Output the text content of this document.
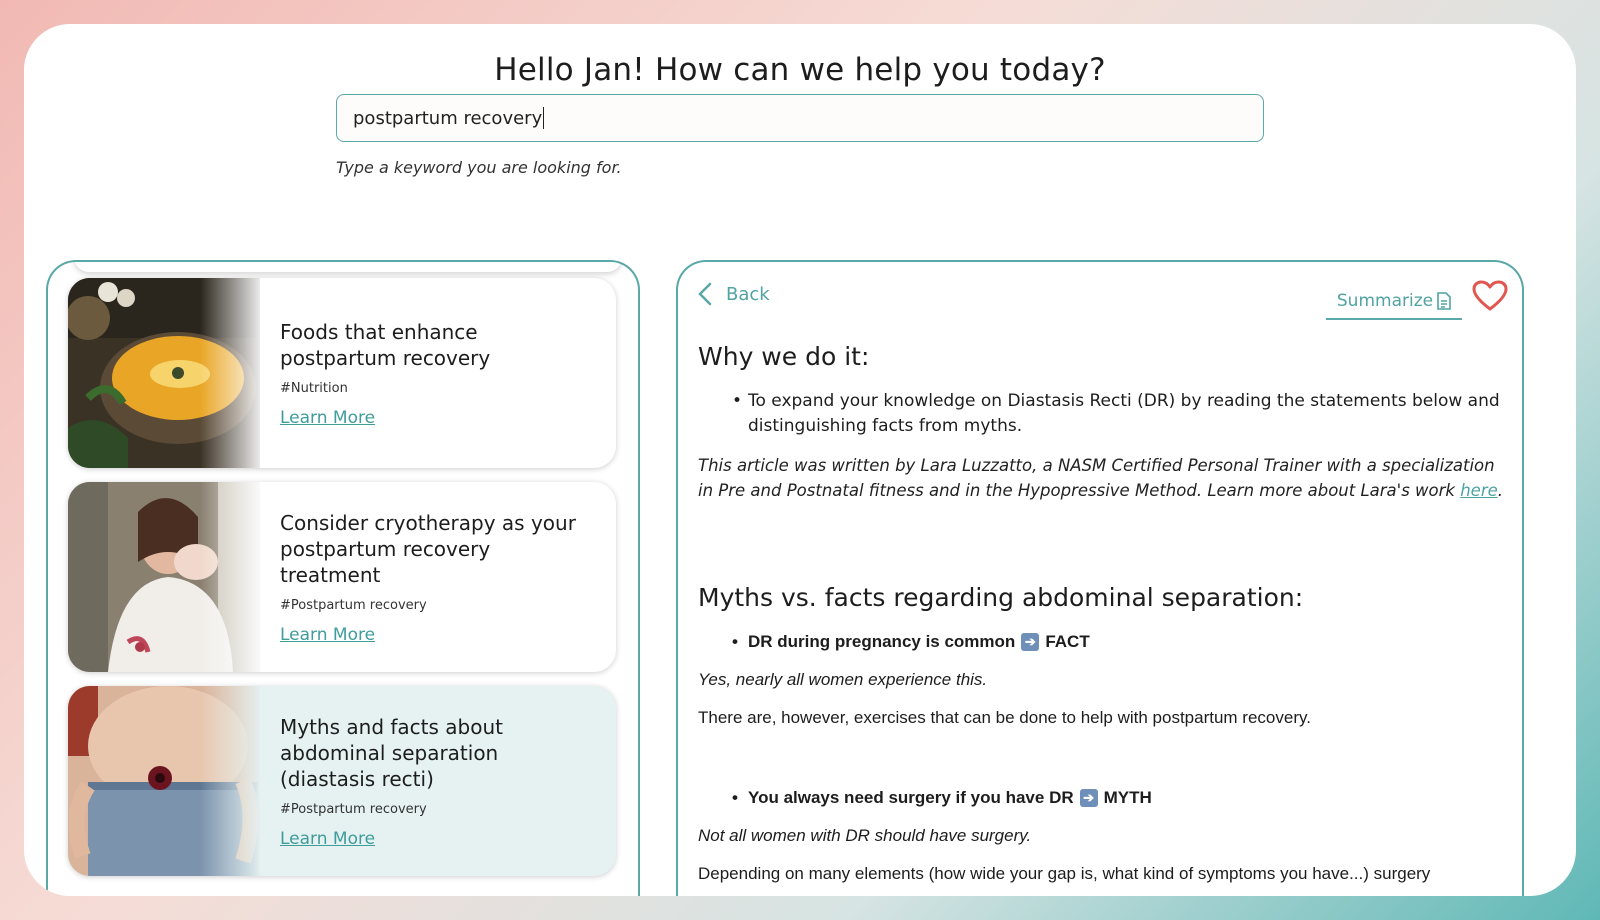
Hello Jan! How can we help you today?
postpartum recovery
Type a keyword you are looking for.
Foods that enhance postpartum recovery
#Nutrition
Learn More
Consider cryotherapy as your postpartum recovery treatment
#Postpartum recovery
Learn More
Myths and facts about abdominal separation (diastasis recti)
#Postpartum recovery
Learn More
Back	Summarize
Why we do it:
• To expand your knowledge on Diastasis Recti (DR) by reading the statements below and distinguishing facts from myths.
This article was written by Lara Luzzatto, a NASM Certified Personal Trainer with a specialization in Pre and Postnatal fitness and in the Hypopressive Method. Learn more about Lara's work here.
Myths vs. facts regarding abdominal separation:
• DR during pregnancy is common ➔ FACT
Yes, nearly all women experience this.
There are, however, exercises that can be done to help with postpartum recovery.
• You always need surgery if you have DR ➔ MYTH
Not all women with DR should have surgery.
Depending on many elements (how wide your gap is, what kind of symptoms you have...) surgery
